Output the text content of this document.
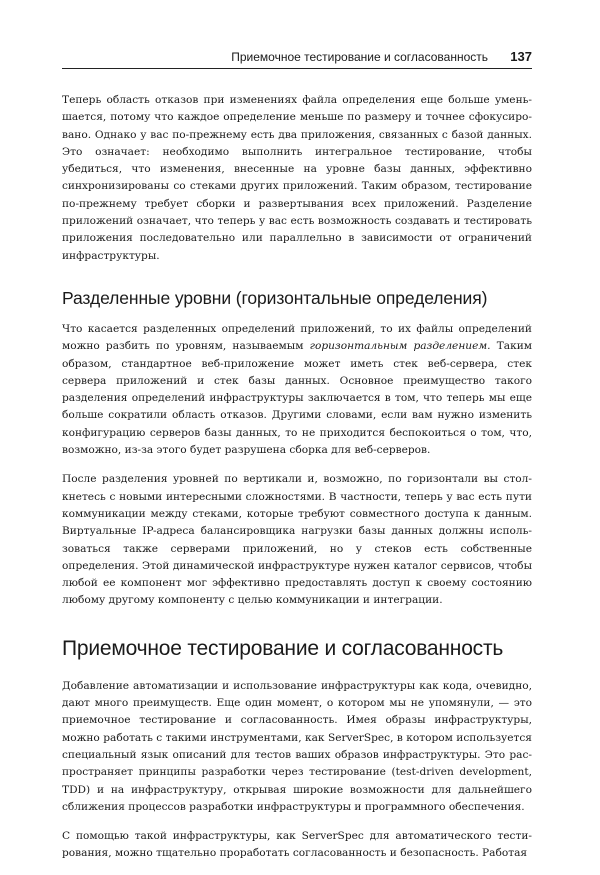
Приемочное тестирование и согласованность 137

Теперь область отказов при изменениях файла определения еще больше уменьшается, потому что каждое определение меньше по размеру и точнее сфокусировано. Однако у вас по-прежнему есть два приложения, связанных с базой данных. Это означает: необходимо выполнить интегральное тестирование, чтобы убедиться, что изменения, внесенные на уровне базы данных, эффективно синхронизированы со стеками других приложений. Таким образом, тестирование по-прежнему требует сборки и развертывания всех приложений. Разделение приложений означает, что теперь у вас есть возможность создавать и тестировать приложения последовательно или параллельно в зависимости от ограничений инфраструктуры.

Разделенные уровни (горизонтальные определения)

Что касается разделенных определений приложений, то их файлы определений можно разбить по уровням, называемым горизонтальным разделением. Таким образом, стандартное веб-приложение может иметь стек веб-сервера, стек сервера приложений и стек базы данных. Основное преимущество такого разделения определений инфраструктуры заключается в том, что теперь мы еще больше сократили область отказов. Другими словами, если вам нужно изменить конфигурацию серверов базы данных, то не приходится беспокоиться о том, что, возможно, из-за этого будет разрушена сборка для веб-серверов.

После разделения уровней по вертикали и, возможно, по горизонтали вы столкнетесь с новыми интересными сложностями. В частности, теперь у вас есть пути коммуникации между стеками, которые требуют совместного доступа к данным. Виртуальные IP-адреса балансировщика нагрузки базы данных должны использоваться также серверами приложений, но у стеков есть собственные определения. Этой динамической инфраструктуре нужен каталог сервисов, чтобы любой ее компонент мог эффективно предоставлять доступ к своему состоянию любому другому компоненту с целью коммуникации и интеграции.

Приемочное тестирование и согласованность

Добавление автоматизации и использование инфраструктуры как кода, очевидно, дают много преимуществ. Еще один момент, о котором мы не упомянули, — это приемочное тестирование и согласованность. Имея образы инфраструктуры, можно работать с такими инструментами, как ServerSpec, в котором используется специальный язык описаний для тестов ваших образов инфраструктуры. Это распространяет принципы разработки через тестирование (test-driven development, TDD) и на инфраструктуру, открывая широкие возможности для дальнейшего сближения процессов разработки инфраструктуры и программного обеспечения.

С помощью такой инфраструктуры, как ServerSpec для автоматического тестирования, можно тщательно проработать согласованность и безопасность. Работая
